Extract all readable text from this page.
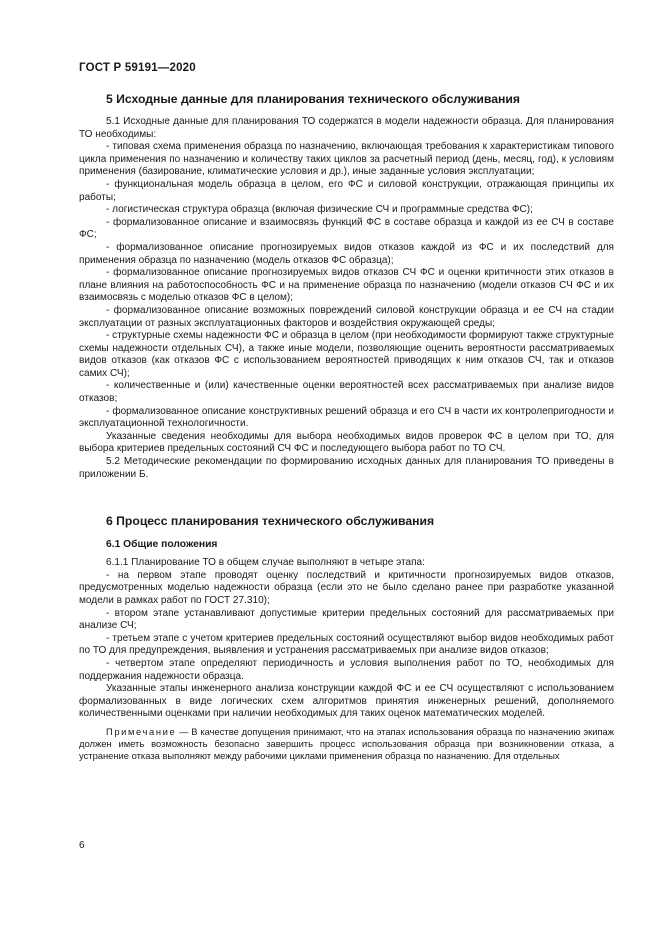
ГОСТ Р 59191—2020
5 Исходные данные для планирования технического обслуживания

5.1 Исходные данные для планирования ТО содержатся в модели надежности образца. Для планирования ТО необходимы:

- типовая схема применения образца по назначению, включающая требования к характеристикам типового цикла применения по назначению и количеству таких циклов за расчетный период (день, месяц, год), к условиям применения (базирование, климатические условия и др.), иные заданные условия эксплуатации;

- функциональная модель образца в целом, его ФС и силовой конструкции, отражающая принципы их работы;

- логистическая структура образца (включая физические СЧ и программные средства ФС);

- формализованное описание и взаимосвязь функций ФС в составе образца и каждой из ее СЧ в составе ФС;

- формализованное описание прогнозируемых видов отказов каждой из ФС и их последствий для применения образца по назначению (модель отказов ФС образца);

- формализованное описание прогнозируемых видов отказов СЧ ФС и оценки критичности этих отказов в плане влияния на работоспособность ФС и на применение образца по назначению (модели отказов СЧ ФС и их взаимосвязь с моделью отказов ФС в целом);

- формализованное описание возможных повреждений силовой конструкции образца и ее СЧ на стадии эксплуатации от разных эксплуатационных факторов и воздействия окружающей среды;

- структурные схемы надежности ФС и образца в целом (при необходимости формируют также структурные схемы надежности отдельных СЧ), а также иные модели, позволяющие оценить вероятности рассматриваемых видов отказов (как отказов ФС с использованием вероятностей приводящих к ним отказов СЧ, так и отказов самих СЧ);

- количественные и (или) качественные оценки вероятностей всех рассматриваемых при анализе видов отказов;

- формализованное описание конструктивных решений образца и его СЧ в части их контролепригодности и эксплуатационной технологичности.

Указанные сведения необходимы для выбора необходимых видов проверок ФС в целом при ТО, для выбора критериев предельных состояний СЧ ФС и последующего выбора работ по ТО СЧ.

5.2 Методические рекомендации по формированию исходных данных для планирования ТО приведены в приложении Б.

6 Процесс планирования технического обслуживания
6.1 Общие положения

6.1.1 Планирование ТО в общем случае выполняют в четыре этапа:

- на первом этапе проводят оценку последствий и критичности прогнозируемых видов отказов, предусмотренных моделью надежности образца (если это не было сделано ранее при разработке указанной модели в рамках работ по ГОСТ 27.310);

- втором этапе устанавливают допустимые критерии предельных состояний для рассматриваемых при анализе СЧ;

- третьем этапе с учетом критериев предельных состояний осуществляют выбор видов необходимых работ по ТО для предупреждения, выявления и устранения рассматриваемых при анализе видов отказов;

- четвертом этапе определяют периодичность и условия выполнения работ по ТО, необходимых для поддержания надежности образца.

Указанные этапы инженерного анализа конструкции каждой ФС и ее СЧ осуществляют с использованием формализованных в виде логических схем алгоритмов принятия инженерных решений, дополняемого количественными оценками при наличии необходимых для таких оценок математических моделей.

Примечание — В качестве допущения принимают, что на этапах использования образца по назначению экипаж должен иметь возможность безопасно завершить процесс использования образца при возникновении отказа, а устранение отказа выполняют между рабочими циклами применения образца по назначению. Для отдельных

6
